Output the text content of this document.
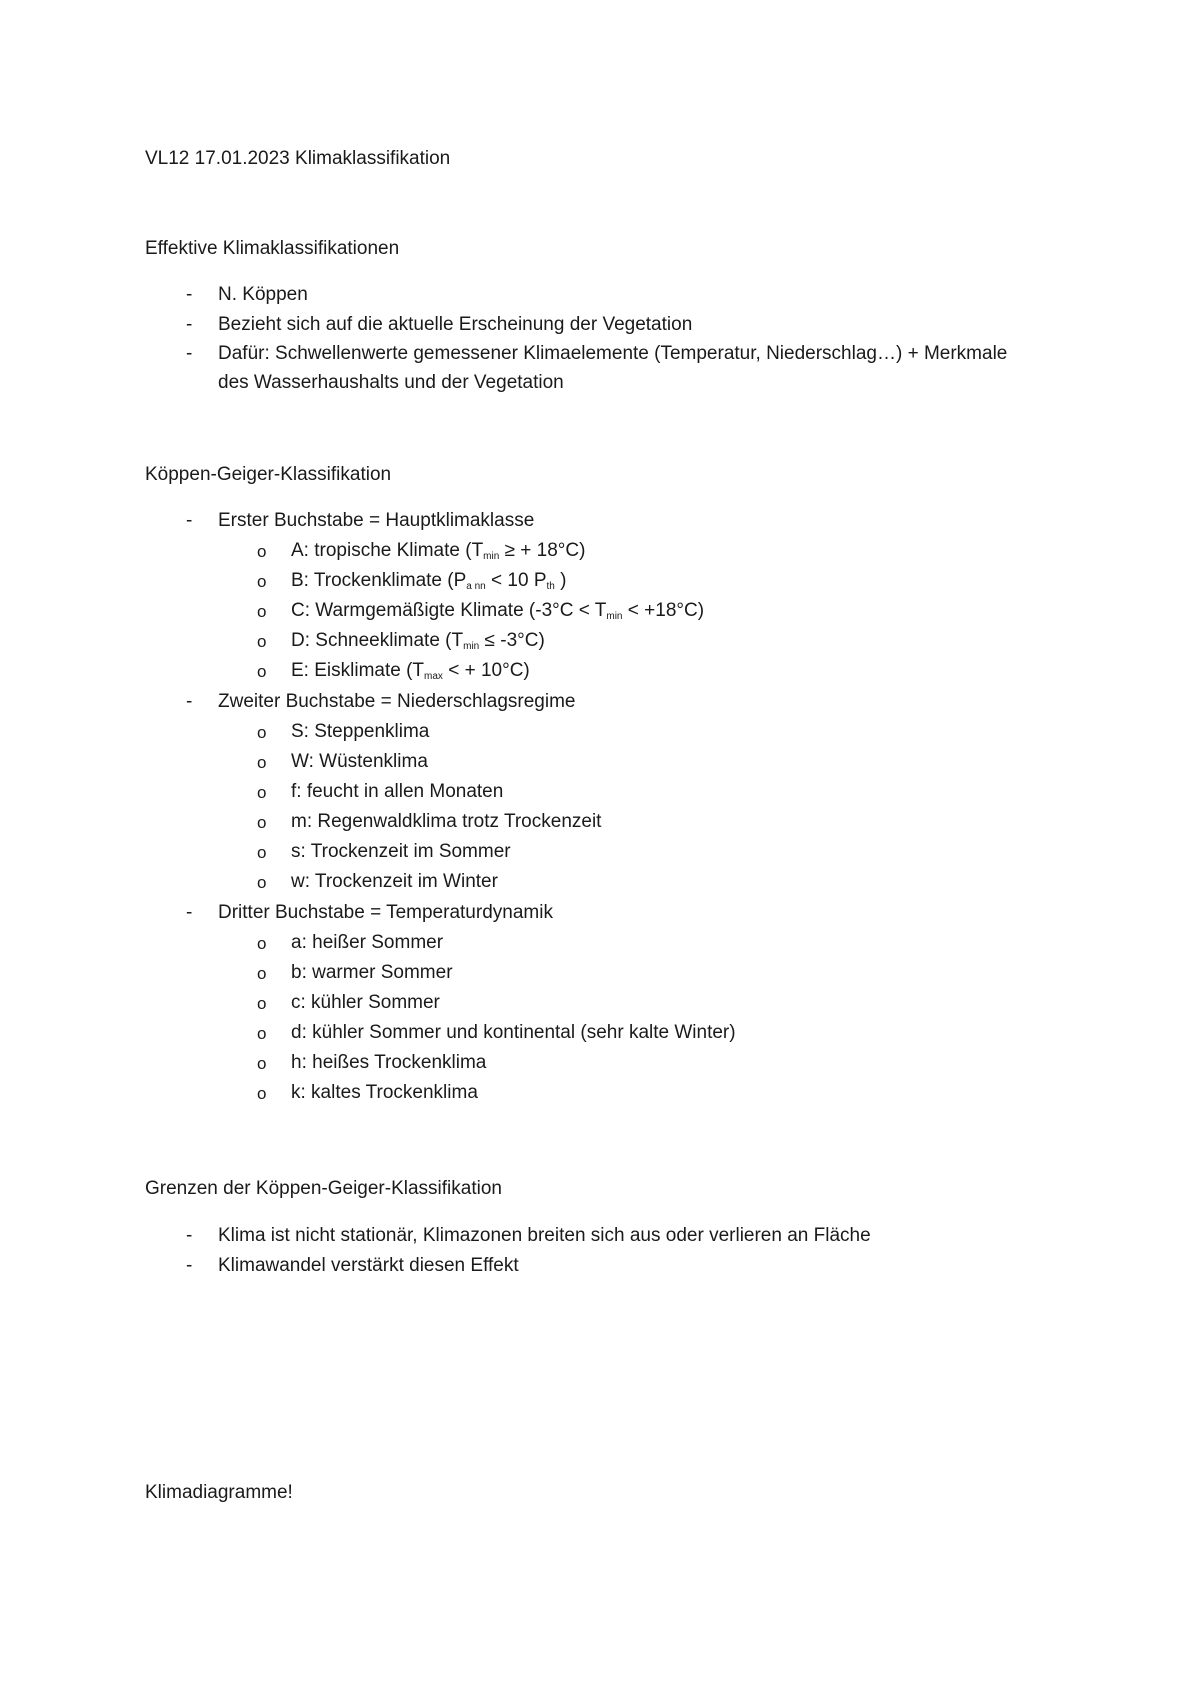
VL12 17.01.2023 Klimaklassifikation
Effektive Klimaklassifikationen
- N. Köppen
- Bezieht sich auf die aktuelle Erscheinung der Vegetation
- Dafür: Schwellenwerte gemessener Klimaelemente (Temperatur, Niederschlag…) + Merkmale
des Wasserhaushalts und der Vegetation
Köppen-Geiger-Klassifikation
- Erster Buchstabe = Hauptklimaklasse
o A: tropische Klimate ($T_{min}$ ≥ + 18°C)
o B: Trockenklimate ($P_{a nn} < 10$ $P_{th}$ )
o C: Warmgemäßigte Klimate $(-3^\circ C < T_{min} < +18^\circ C)$
o D: Schneeklimate $(T_{min} \le -3^\circ C)$
o E: Eisklimate ($T_{max}$ < + 10°C)
- Zweiter Buchstabe = Niederschlagsregime
o S: Steppenklima
o W: Wüstenklima
o f: feucht in allen Monaten
o m: Regenwaldklima trotz Trockenzeit
o s: Trockenzeit im Sommer
o w: Trockenzeit im Winter
- Dritter Buchstabe = Temperaturdynamik
o a: heißer Sommer
o b: warmer Sommer
o c: kühler Sommer
o d: kühler Sommer und kontinental (sehr kalte Winter)
o h: heißes Trockenklima
o k: kaltes Trockenklima
Grenzen der Köppen-Geiger-Klassifikation
- Klima ist nicht stationär, Klimazonen breiten sich aus oder verlieren an Fläche
- Klimawandel verstärkt diesen Effekt
Klimadiagramme!
